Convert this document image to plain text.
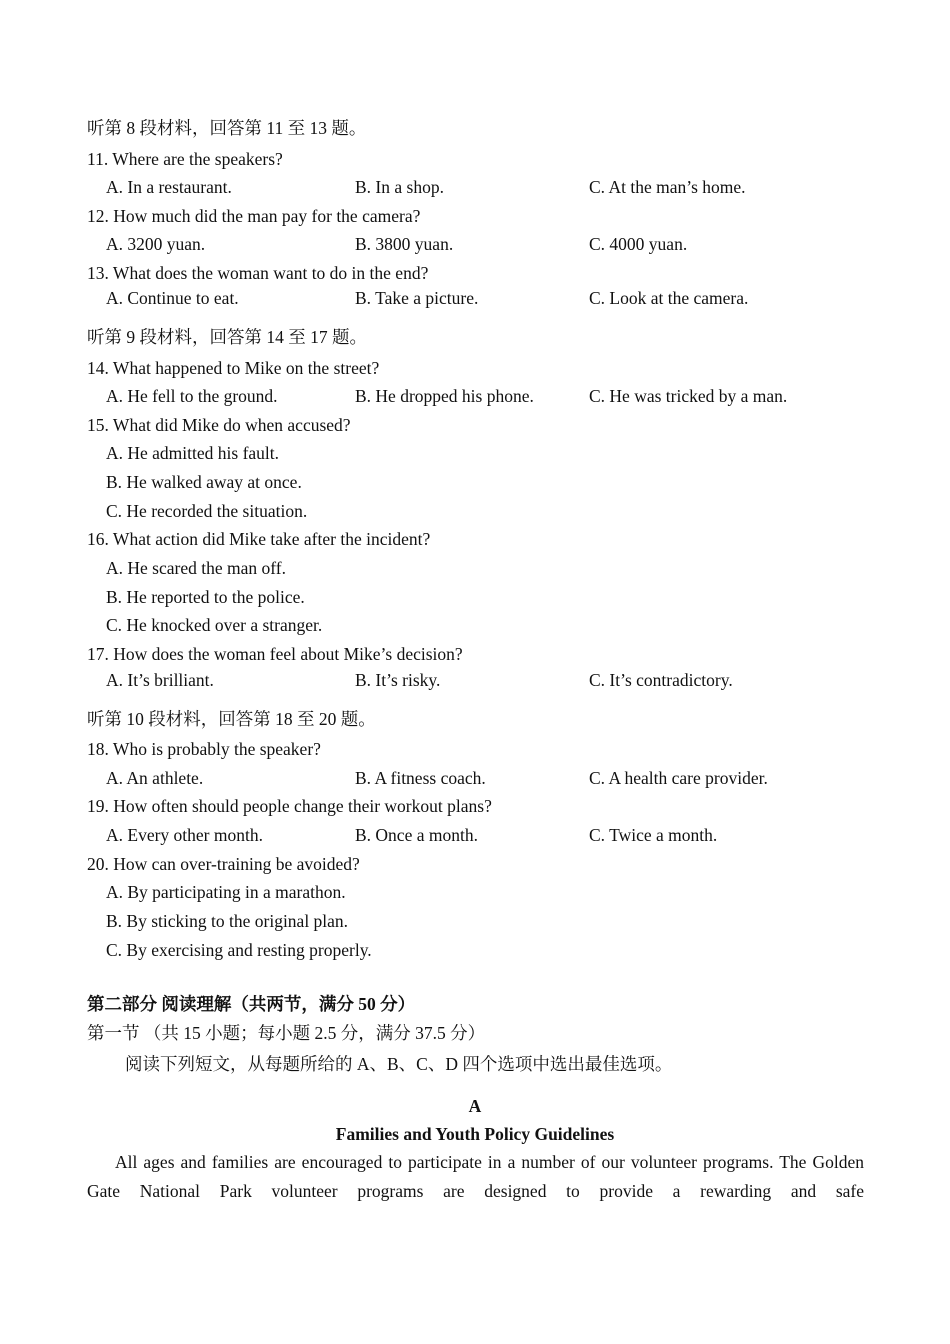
听第 8 段材料，回答第 11 至 13 题。
11. Where are the speakers?
A. In a restaurant.	B. In a shop.	C. At the man’s home.
12. How much did the man pay for the camera?
A. 3200 yuan.	B. 3800 yuan.	C. 4000 yuan.
13. What does the woman want to do in the end?
A. Continue to eat.	B. Take a picture.	C. Look at the camera.
听第 9 段材料，回答第 14 至 17 题。
14. What happened to Mike on the street?
A. He fell to the ground.	B. He dropped his phone.	C. He was tricked by a man.
15. What did Mike do when accused?
A. He admitted his fault.
B. He walked away at once.
C. He recorded the situation.
16. What action did Mike take after the incident?
A. He scared the man off.
B. He reported to the police.
C. He knocked over a stranger.
17. How does the woman feel about Mike’s decision?
A. It’s brilliant.	B. It’s risky.	C. It’s contradictory.
听第 10 段材料，回答第 18 至 20 题。
18. Who is probably the speaker?
A. An athlete.	B. A fitness coach.	C. A health care provider.
19. How often should people change their workout plans?
A. Every other month.	B. Once a month.	C. Twice a month.
20. How can over-training be avoided?
A. By participating in a marathon.
B. By sticking to the original plan.
C. By exercising and resting properly.
第二部分 阅读理解（共两节，满分 50 分）
第一节 （共 15 小题；每小题 2.5 分，满分 37.5 分）
阅读下列短文，从每题所给的 A、B、C、D 四个选项中选出最佳选项。
A
Families and Youth Policy Guidelines
All ages and families are encouraged to participate in a number of our volunteer programs. The Golden Gate National Park volunteer programs are designed to provide a rewarding and safe
